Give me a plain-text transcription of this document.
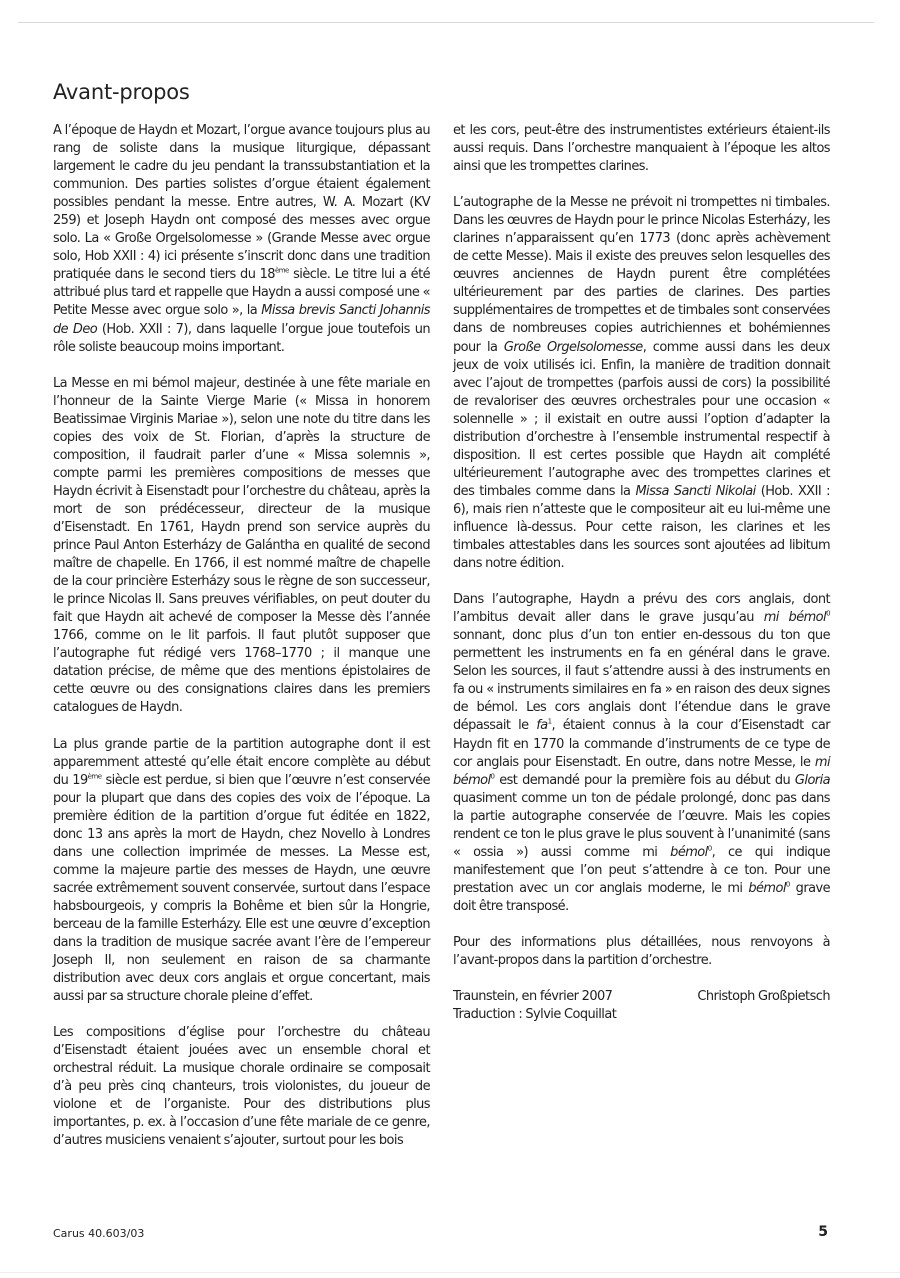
Avant-propos

A l’époque de Haydn et Mozart, l’orgue avance toujours plus au rang de soliste dans la musique liturgique, dépassant largement le cadre du jeu pendant la transsubstantiation et la communion. Des parties solistes d’orgue étaient également possibles pendant la messe. Entre autres, W. A. Mozart (KV 259) et Joseph Haydn ont composé des messes avec orgue solo. La « Große Orgelsolomesse » (Grande Messe avec orgue solo, Hob XXII : 4) ici présente s’inscrit donc dans une tradition pratiquée dans le second tiers du 18ème siècle. Le titre lui a été attribué plus tard et rappelle que Haydn a aussi composé une « Petite Messe avec orgue solo », la Missa brevis Sancti Johannis de Deo (Hob. XXII : 7), dans laquelle l’orgue joue toutefois un rôle soliste beaucoup moins important.

La Messe en mi bémol majeur, destinée à une fête mariale en l’honneur de la Sainte Vierge Marie (« Missa in honorem Beatissimae Virginis Mariae »), selon une note du titre dans les copies des voix de St. Florian, d’après la structure de composition, il faudrait parler d’une « Missa solemnis », compte parmi les premières compositions de messes que Haydn écrivit à Eisenstadt pour l’orchestre du château, après la mort de son prédécesseur, directeur de la musique d’Eisenstadt. En 1761, Haydn prend son service auprès du prince Paul Anton Esterházy de Galántha en qualité de second maître de chapelle. En 1766, il est nommé maître de chapelle de la cour princière Esterházy sous le règne de son successeur, le prince Nicolas II. Sans preuves vérifiables, on peut douter du fait que Haydn ait achevé de composer la Messe dès l’année 1766, comme on le lit parfois. Il faut plutôt supposer que l’autographe fut rédigé vers 1768–1770 ; il manque une datation précise, de même que des mentions épistolaires de cette œuvre ou des consignations claires dans les premiers catalogues de Haydn.

La plus grande partie de la partition autographe dont il est apparemment attesté qu’elle était encore complète au début du 19ème siècle est perdue, si bien que l’œuvre n’est conservée pour la plupart que dans des copies des voix de l’époque. La première édition de la partition d’orgue fut éditée en 1822, donc 13 ans après la mort de Haydn, chez Novello à Londres dans une collection imprimée de messes. La Messe est, comme la majeure partie des messes de Haydn, une œuvre sacrée extrêmement souvent conservée, surtout dans l’espace habsbourgeois, y compris la Bohême et bien sûr la Hongrie, berceau de la famille Esterházy. Elle est une œuvre d’exception dans la tradition de musique sacrée avant l’ère de l’empereur Joseph II, non seulement en raison de sa charmante distribution avec deux cors anglais et orgue concertant, mais aussi par sa structure chorale pleine d’effet.

Les compositions d’église pour l’orchestre du château d’Eisenstadt étaient jouées avec un ensemble choral et orchestral réduit. La musique chorale ordinaire se composait d’à peu près cinq chanteurs, trois violonistes, du joueur de violone et de l’organiste. Pour des distributions plus importantes, p. ex. à l’occasion d’une fête mariale de ce genre, d’autres musiciens venaient s’ajouter, surtout pour les bois

et les cors, peut-être des instrumentistes extérieurs étaient-ils aussi requis. Dans l’orchestre manquaient à l’époque les altos ainsi que les trompettes clarines.

L’autographe de la Messe ne prévoit ni trompettes ni timbales. Dans les œuvres de Haydn pour le prince Nicolas Esterházy, les clarines n’apparaissent qu’en 1773 (donc après achèvement de cette Messe). Mais il existe des preuves selon lesquelles des œuvres anciennes de Haydn purent être complétées ultérieurement par des parties de clarines. Des parties supplémentaires de trompettes et de timbales sont conservées dans de nombreuses copies autrichiennes et bohémiennes pour la Große Orgelsolomesse, comme aussi dans les deux jeux de voix utilisés ici. Enfin, la manière de tradition donnait avec l’ajout de trompettes (parfois aussi de cors) la possibilité de revaloriser des œuvres orchestrales pour une occasion « solennelle » ; il existait en outre aussi l’option d’adapter la distribution d’orchestre à l’ensemble instrumental respectif à disposition. Il est certes possible que Haydn ait complété ultérieurement l’autographe avec des trompettes clarines et des timbales comme dans la Missa Sancti Nikolai (Hob. XXII : 6), mais rien n’atteste que le compositeur ait eu lui-même une influence là-dessus. Pour cette raison, les clarines et les timbales attestables dans les sources sont ajoutées ad libitum dans notre édition.

Dans l’autographe, Haydn a prévu des cors anglais, dont l’ambitus devait aller dans le grave jusqu’au mi bémol$^0$ sonnant, donc plus d’un ton entier en-dessous du ton que permettent les instruments en fa en général dans le grave. Selon les sources, il faut s’attendre aussi à des instruments en fa ou « instruments similaires en fa » en raison des deux signes de bémol. Les cors anglais dont l’étendue dans le grave dépassait le $fa^1$, étaient connus à la cour d’Eisenstadt car Haydn fit en 1770 la commande d’instruments de ce type de cor anglais pour Eisenstadt. En outre, dans notre Messe, le mi bémol$^0$ est demandé pour la première fois au début du Gloria quasiment comme un ton de pédale prolongé, donc pas dans la partie autographe conservée de l’œuvre. Mais les copies rendent ce ton le plus grave le plus souvent à l’unanimité (sans « ossia ») aussi comme mi bémol$^0$, ce qui indique manifestement que l’on peut s’attendre à ce ton. Pour une prestation avec un cor anglais moderne, le mi bémol$^0$ grave doit être transposé.

Pour des informations plus détaillées, nous renvoyons à l’avant-propos dans la partition d’orchestre.

Traunstein, en février 2007	Christoph Großpietsch
Traduction : Sylvie Coquillat
Carus 40.603/03	5
